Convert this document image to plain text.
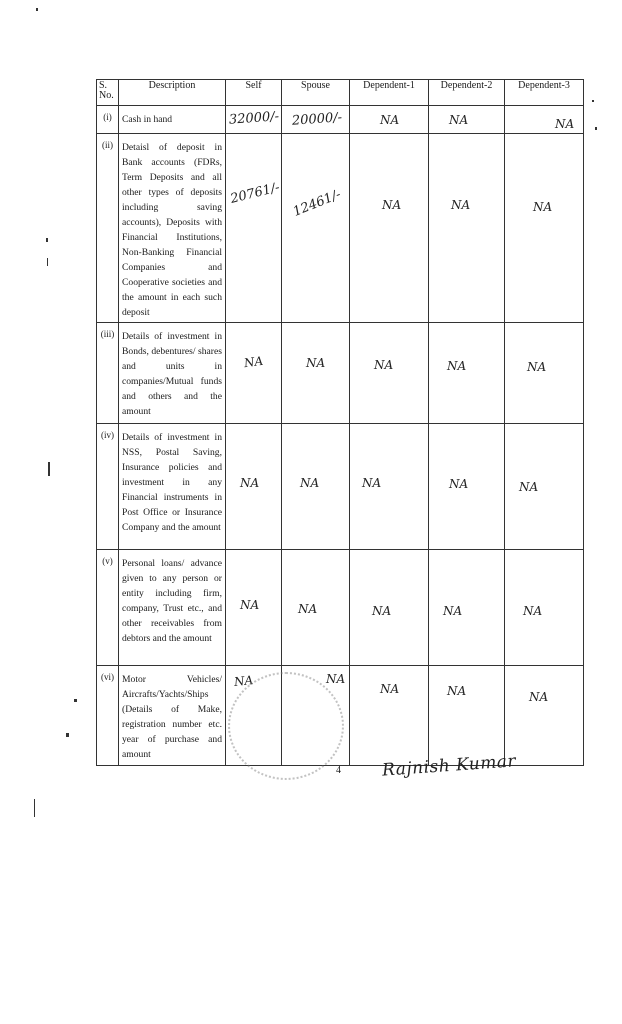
S. No.	Description	Self	Spouse	Dependent-1	Dependent-2	Dependent-3
(i)	Cash in hand	32000/-	20000/-	NA	NA	NA

(ii)	Detaisl of deposit in Bank accounts (FDRs, Term Deposits and all other types of deposits including saving accounts), Deposits with Financial Institutions, Non-Banking Financial Companies and Cooperative societies and the amount in each such deposit	20761/-	12461/-	NA	NA	NA

(iii)	Details of investment in Bonds, debentures/ shares and units in companies/Mutual funds and others and the amount	NA	NA	NA	NA	NA

(iv)	Details of investment in NSS, Postal Saving, Insurance policies and investment in any Financial instruments in Post Office or Insurance Company and the amount	NA	NA	NA	NA	NA

(v)	Personal loans/ advance given to any person or entity including firm, company, Trust etc., and other receivables from debtors and the amount	NA	NA	NA	NA	NA

(vi)	Motor Vehicles/ Aircrafts/Yachts/Ships (Details of Make, registration number etc. year of purchase and amount	NA	NA	NA	NA	NA
4 Rajnish Kumar
